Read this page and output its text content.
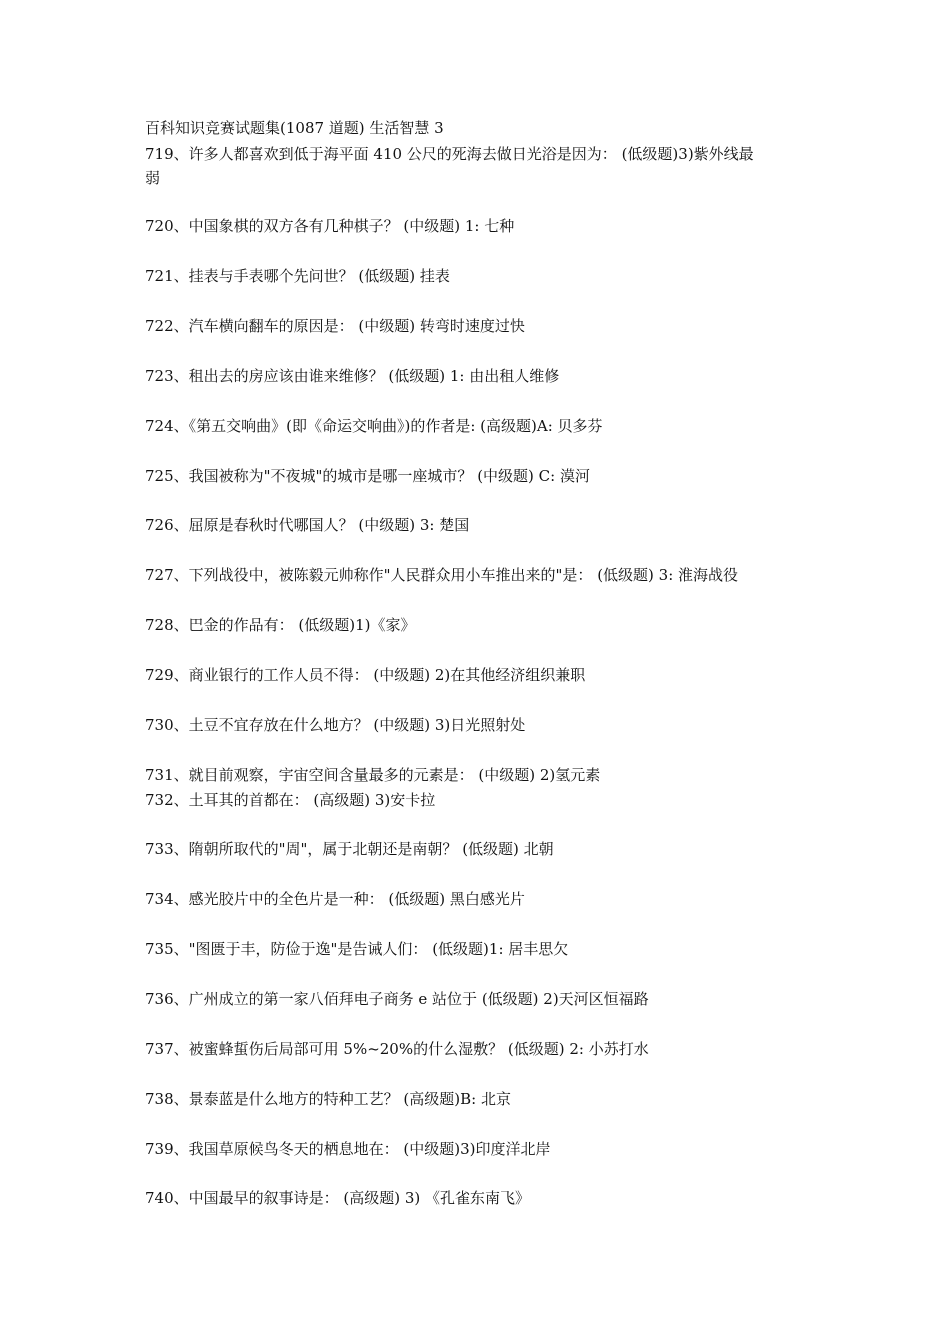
百科知识竞赛试题集(1087 道题) 生活智慧 3
719、许多人都喜欢到低于海平面 410 公尺的死海去做日光浴是因为： (低级题)3)紫外线最
弱
720、中国象棋的双方各有几种棋子？ (中级题) 1: 七种
721、挂表与手表哪个先问世？ (低级题) 挂表
722、汽车横向翻车的原因是： (中级题) 转弯时速度过快
723、租出去的房应该由谁来维修？ (低级题) 1: 由出租人维修
724、《第五交响曲》(即《命运交响曲》)的作者是: (高级题)A: 贝多芬
725、我国被称为"不夜城"的城市是哪一座城市？ (中级题) C: 漠河
726、屈原是春秋时代哪国人？ (中级题) 3: 楚国
727、下列战役中，被陈毅元帅称作"人民群众用小车推出来的"是： (低级题) 3: 淮海战役
728、巴金的作品有： (低级题)1)《家》
729、商业银行的工作人员不得： (中级题) 2)在其他经济组织兼职
730、土豆不宜存放在什么地方？ (中级题) 3)日光照射处
731、就目前观察，宇宙空间含量最多的元素是： (中级题) 2)氢元素
732、土耳其的首都在： (高级题) 3)安卡拉
733、隋朝所取代的"周"，属于北朝还是南朝？ (低级题) 北朝
734、感光胶片中的全色片是一种： (低级题) 黑白感光片
735、"图匮于丰，防俭于逸"是告诫人们： (低级题)1: 居丰思欠
736、广州成立的第一家八佰拜电子商务 e 站位于 (低级题) 2)天河区恒福路
737、被蜜蜂蜇伤后局部可用 5%~20%的什么湿敷？ (低级题) 2: 小苏打水
738、景泰蓝是什么地方的特种工艺？ (高级题)B: 北京
739、我国草原候鸟冬天的栖息地在： (中级题)3)印度洋北岸
740、中国最早的叙事诗是： (高级题) 3) 《孔雀东南飞》
